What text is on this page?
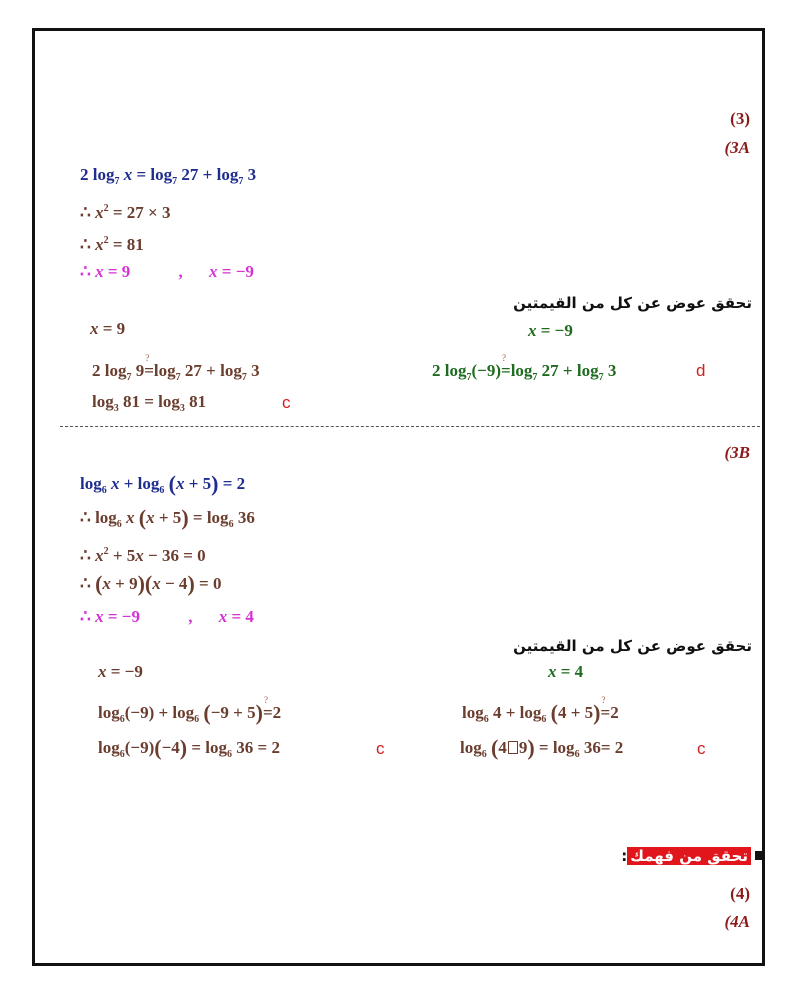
(3)
(3A
2 $\log_7 x = \log_7 27 + \log_7 3$
∴ $x^2 = 27 \times 3$
∴ $x^2 = 81$
∴ x = 9	, x = −9
تحقق عوض عن كل من القيمتين
x = 9	x = −9
2 $\log_7 9$? $=\log_7$ $27 + \log_7 3$	2 $\log_7(-9)$? $=\log_7$ $27 + \log_7 3$	d
$\log_3 81 = \log_3 81$	c
(3B
$\log_6 x + \log_6 (x + 5) = 2$
∴ $\log_6 x$ $(x + 5) = \log_6 36$
∴ $x^2 + 5x - 36 = 0$
∴ (x + 9)(x − 4) = 0
∴ x = −9	, x = 4
تحقق عوض عن كل من القيمتين
x = −9	x = 4
$\log_6(-9) + \log_6 (-9 + 5)$? =2	$\log_6 4 + \log_6 (4 + 5)$? =2
$\log_6(-9)(-4) = \log_6 36 = 2$	c	$\log_6 (4$ $9) = \log_6 36= 2$	c
تحقق من فهمك:
(4)
(4A
